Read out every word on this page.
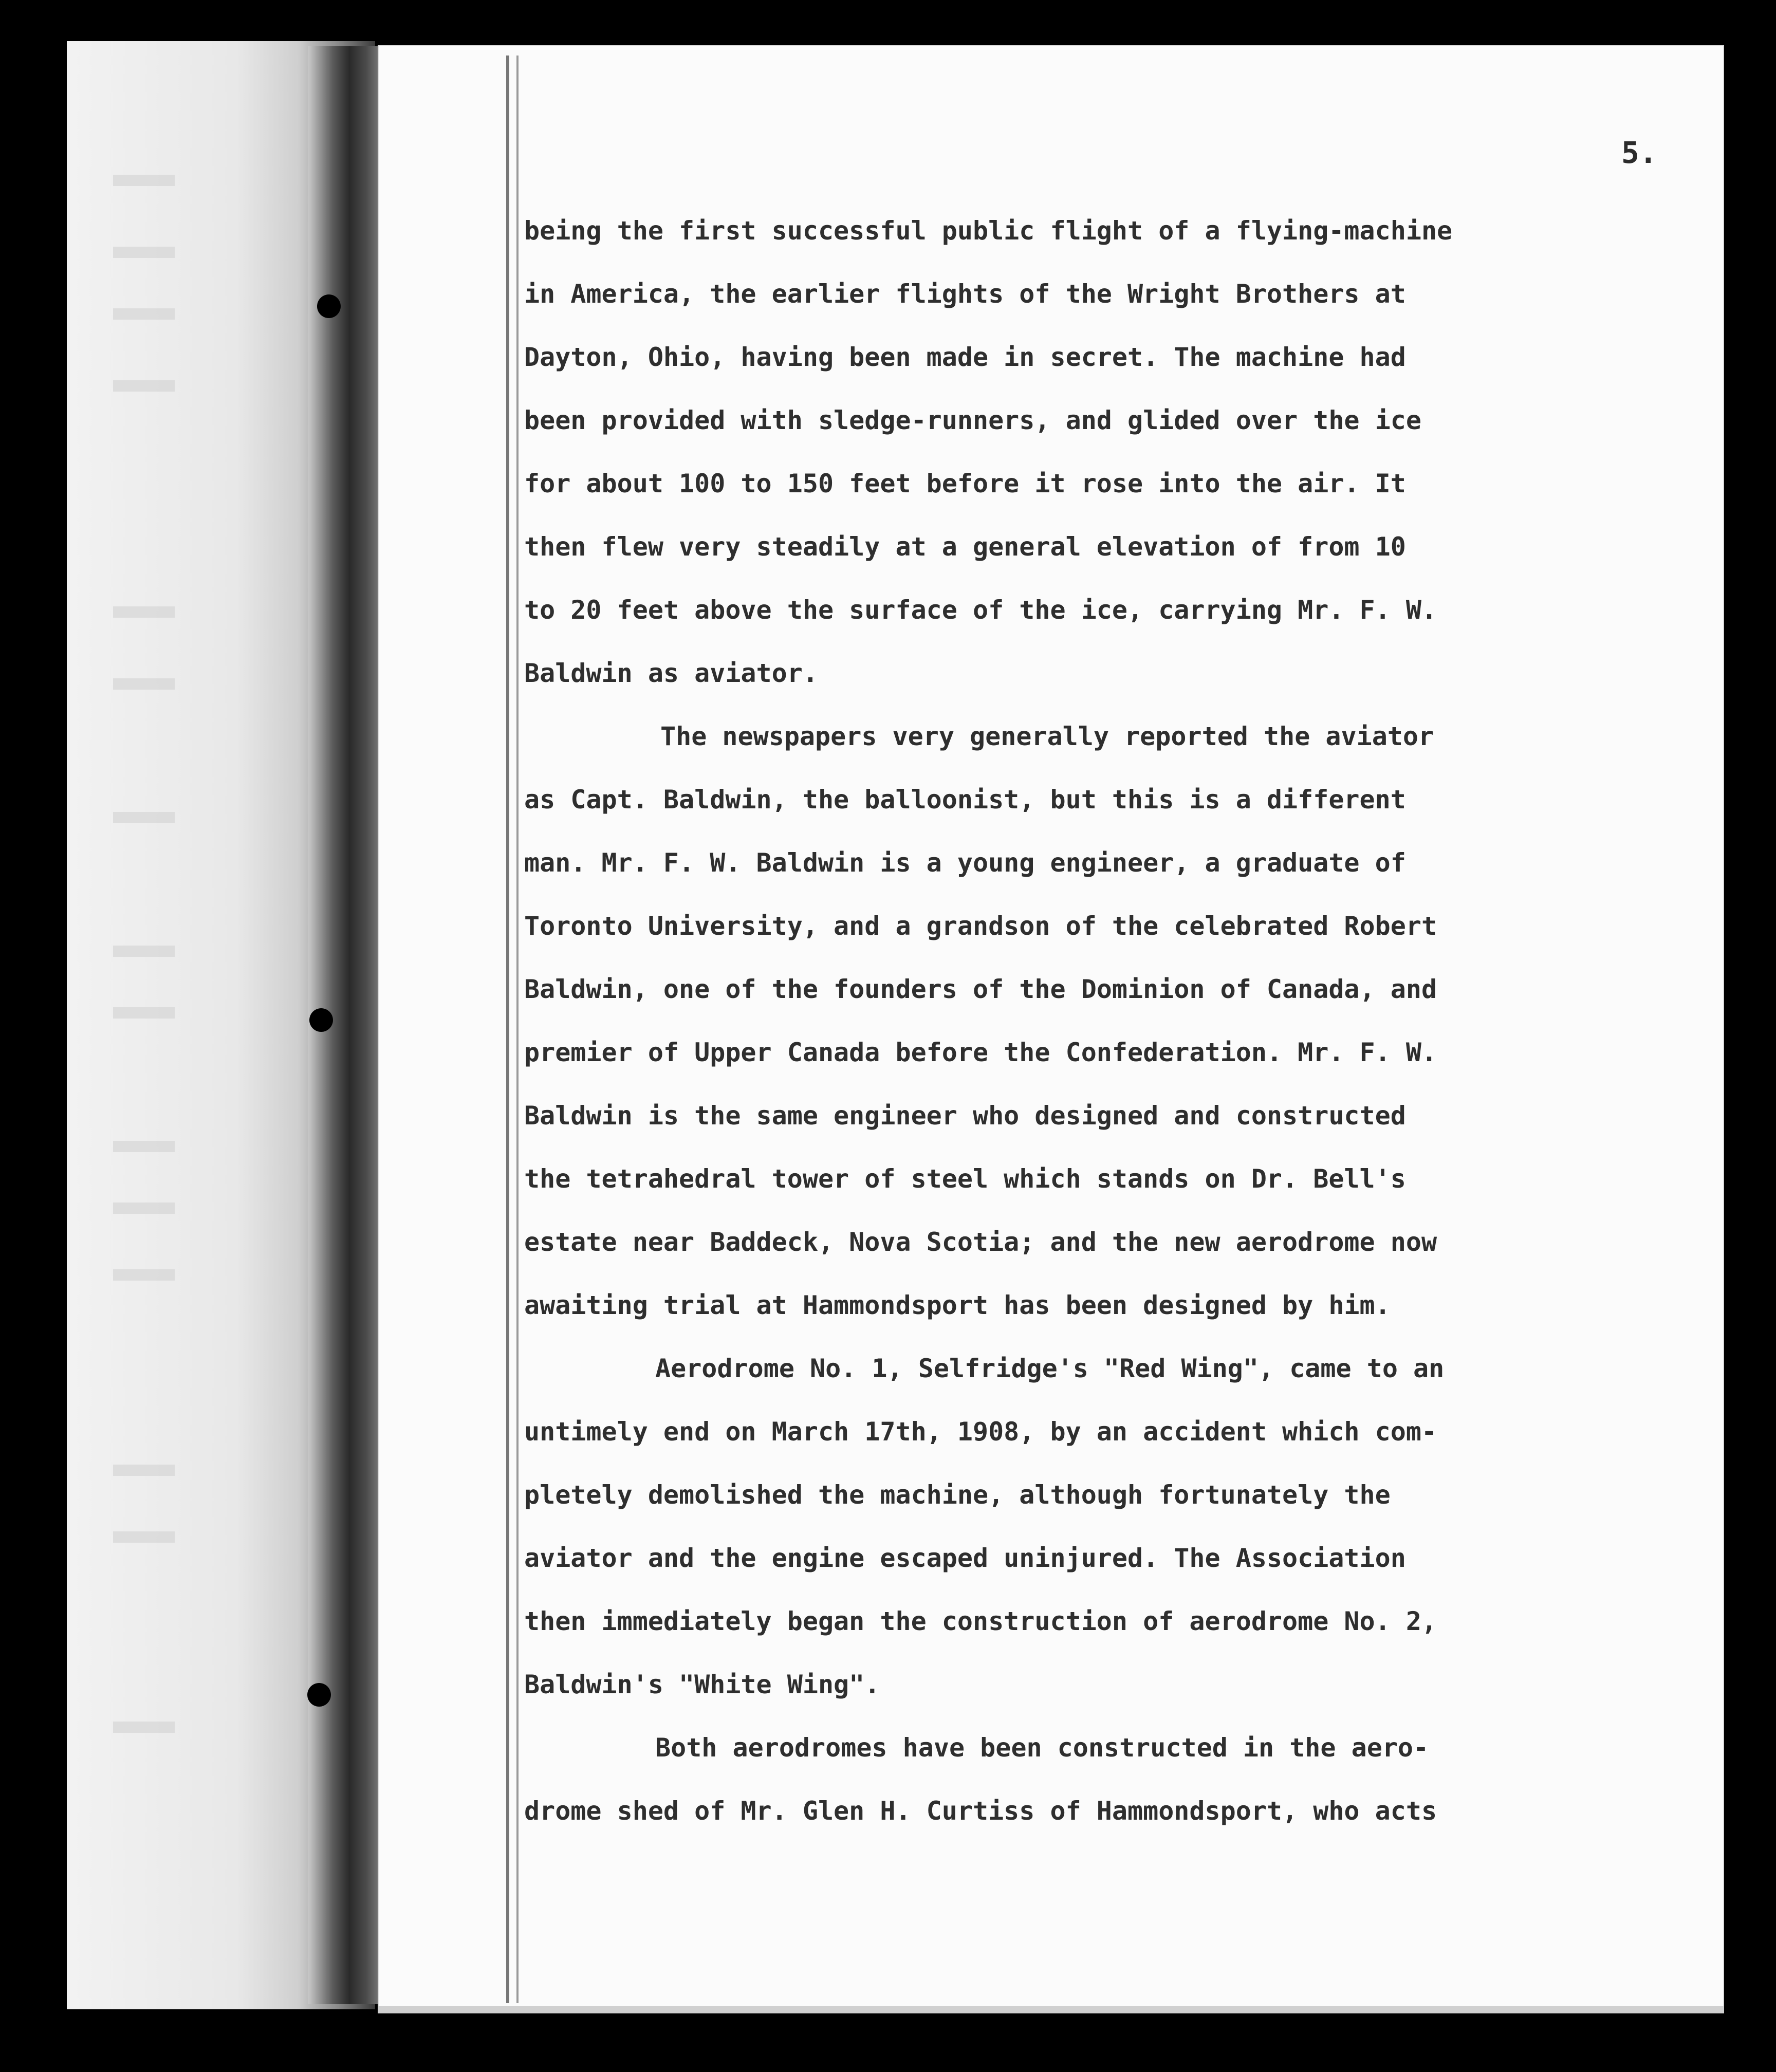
5.
being the first successful public flight of a flying-machine
in America, the earlier flights of the Wright Brothers at
Dayton, Ohio, having been made in secret. The machine had
been provided with sledge-runners, and glided over the ice
for about 100 to 150 feet before it rose into the air. It
then flew very steadily at a general elevation of from 10
to 20 feet above the surface of the ice, carrying Mr. F. W.
Baldwin as aviator.
The newspapers very generally reported the aviator
as Capt. Baldwin, the balloonist, but this is a different
man. Mr. F. W. Baldwin is a young engineer, a graduate of
Toronto University, and a grandson of the celebrated Robert
Baldwin, one of the founders of the Dominion of Canada, and
premier of Upper Canada before the Confederation. Mr. F. W.
Baldwin is the same engineer who designed and constructed
the tetrahedral tower of steel which stands on Dr. Bell's
estate near Baddeck, Nova Scotia; and the new aerodrome now
awaiting trial at Hammondsport has been designed by him.
Aerodrome No. 1, Selfridge's "Red Wing", came to an
untimely end on March 17th, 1908, by an accident which com-
pletely demolished the machine, although fortunately the
aviator and the engine escaped uninjured. The Association
then immediately began the construction of aerodrome No. 2,
Baldwin's "White Wing".
Both aerodromes have been constructed in the aero-
drome shed of Mr. Glen H. Curtiss of Hammondsport, who acts
